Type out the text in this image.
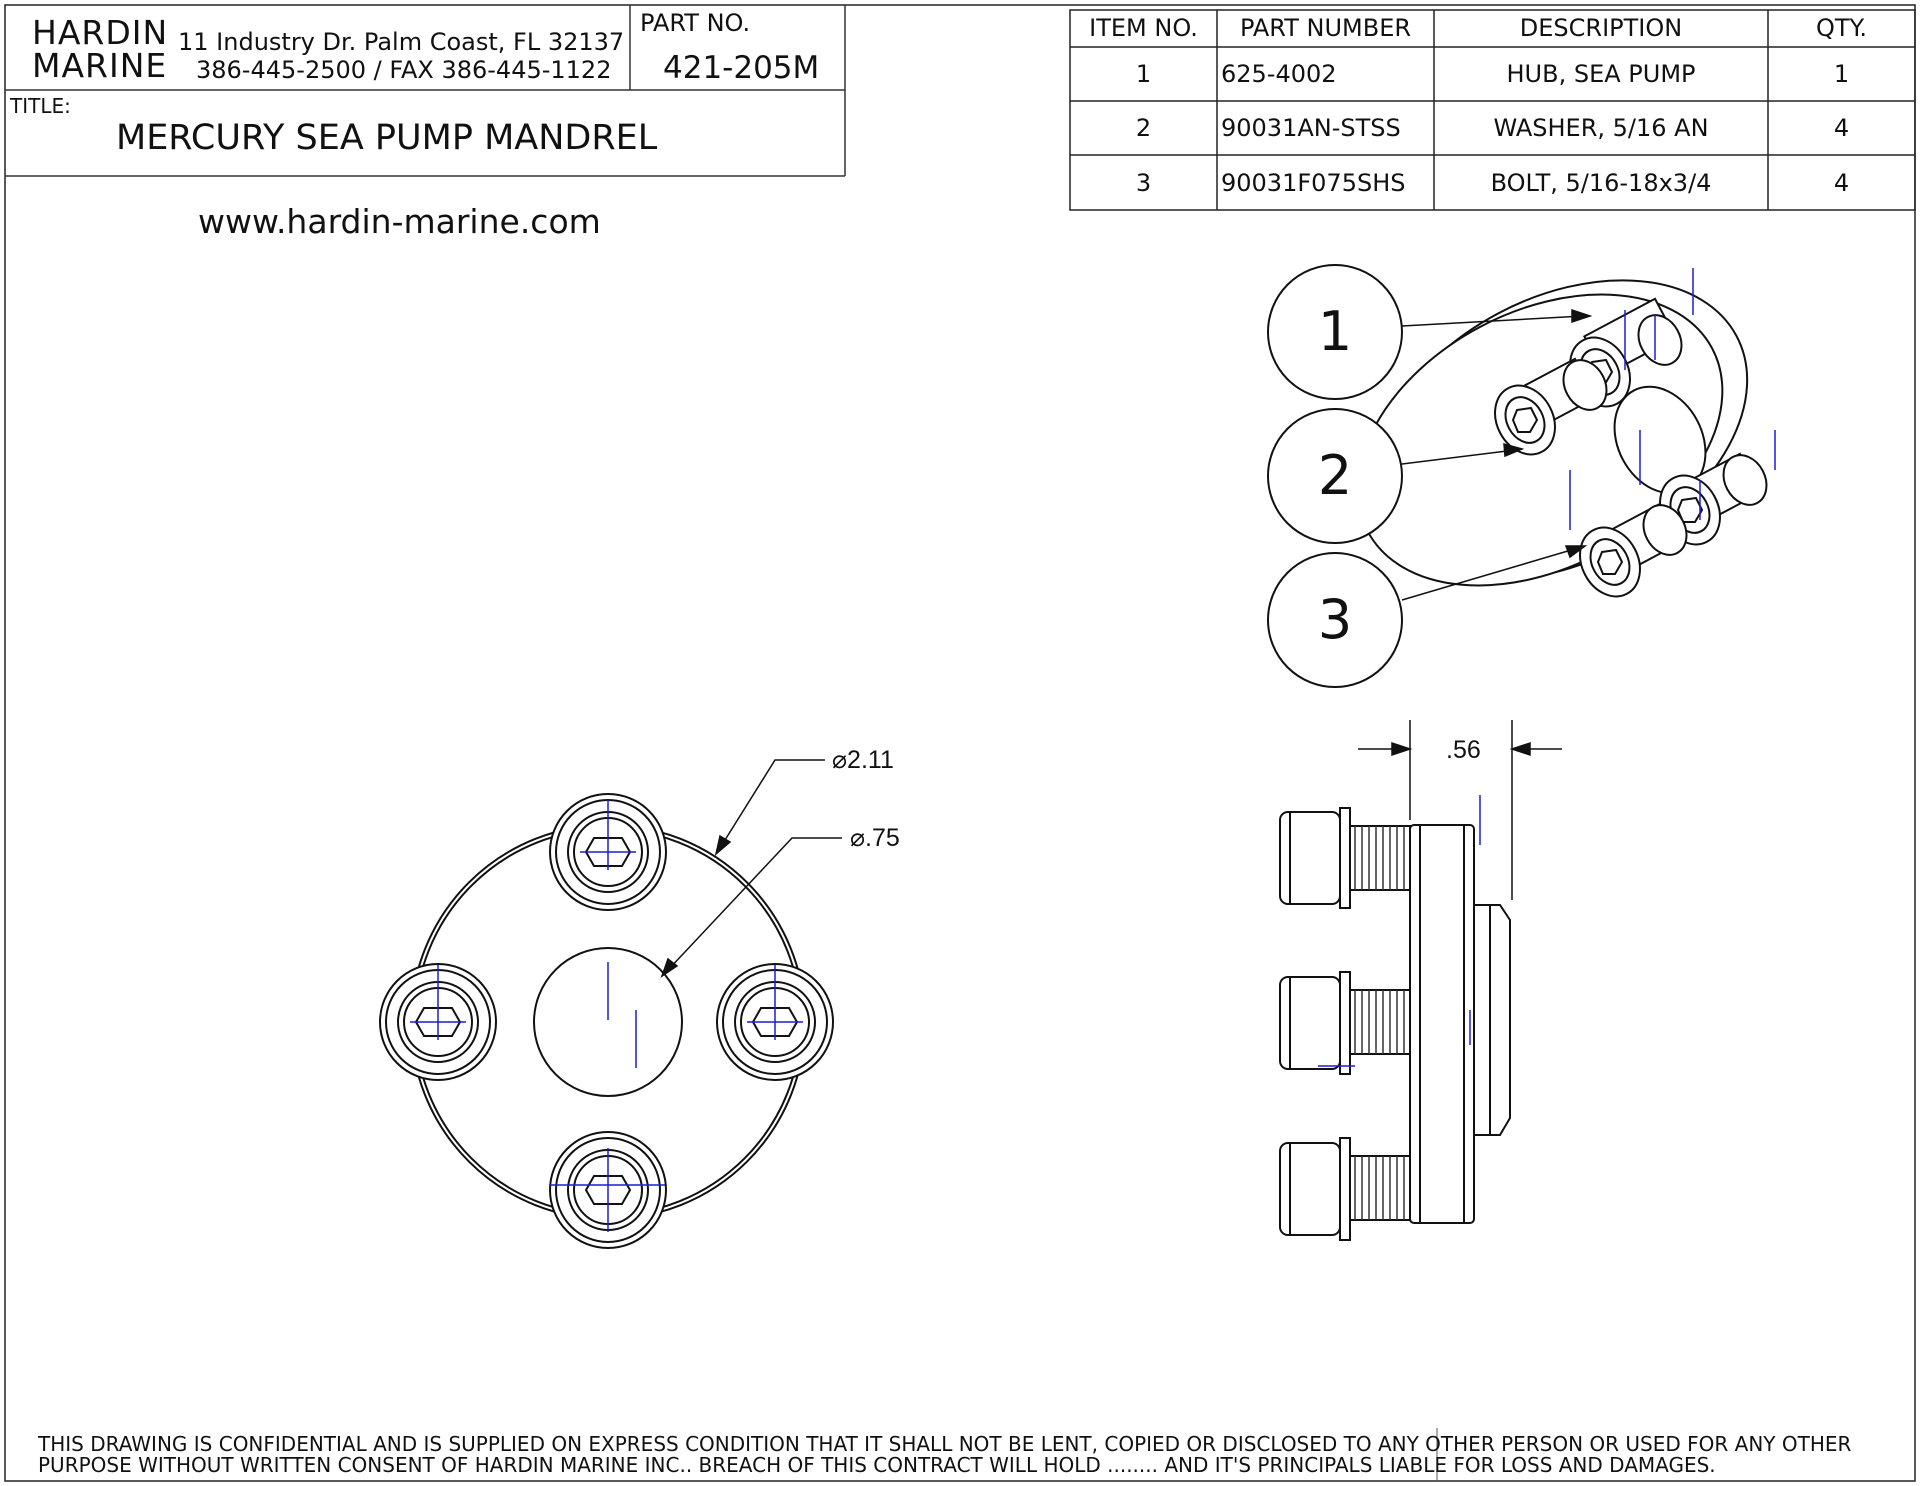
HARDIN
MARINE
11 Industry Dr. Palm Coast, FL 32137
386-445-2500 / FAX 386-445-1122
PART NO.
421-205M
TITLE:
MERCURY SEA PUMP MANDREL
www.hardin-marine.com
ITEM NO.	PART NUMBER	DESCRIPTION	QTY.
1	625-4002	HUB, SEA PUMP	1
2	90031AN-STSS	WASHER, 5/16 AN	4
3	90031F075SHS	BOLT, 5/16-18x3/4	4
1
2
3
⌀2.11
⌀.75
.56
THIS DRAWING IS CONFIDENTIAL AND IS SUPPLIED ON EXPRESS CONDITION THAT IT SHALL NOT BE LENT, COPIED OR DISCLOSED TO ANY OTHER PERSON OR USED FOR ANY OTHER
PURPOSE WITHOUT WRITTEN CONSENT OF HARDIN MARINE INC.. BREACH OF THIS CONTRACT WILL HOLD ........ AND IT'S PRINCIPALS LIABLE FOR LOSS AND DAMAGES.
